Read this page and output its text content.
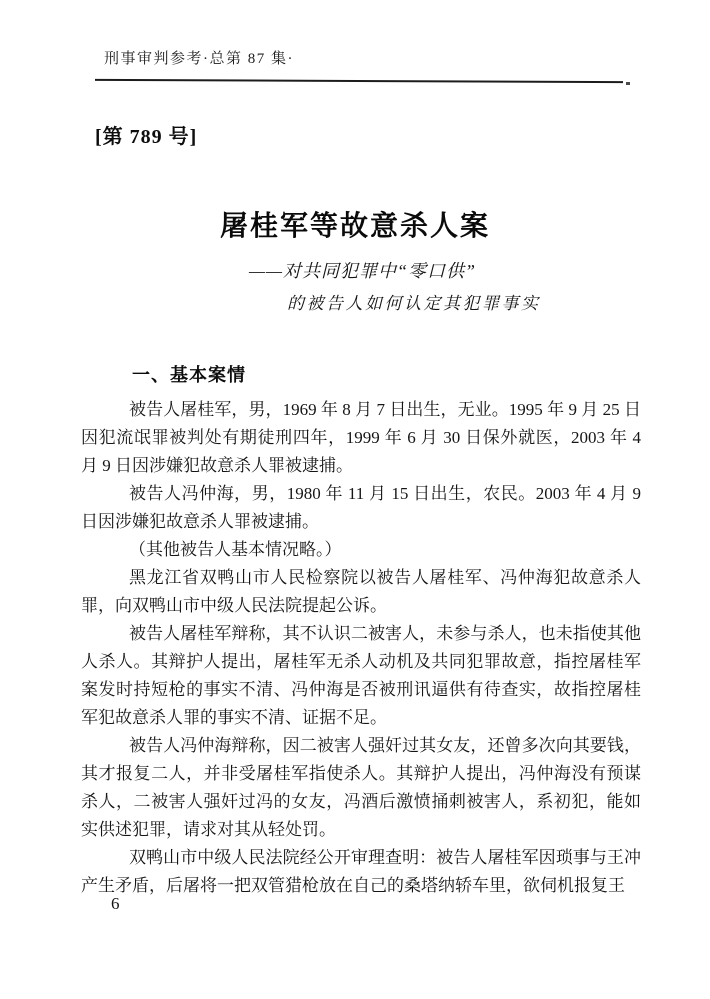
刑事审判参考·总第 87 集·
[第 789 号]
屠桂军等故意杀人案
——对共同犯罪中“零口供”
的被告人如何认定其犯罪事实
一、基本案情

被告人屠桂军，男，1969 年 8 月 7 日出生，无业。1995 年 9 月 25 日因犯流氓罪被判处有期徒刑四年，1999 年 6 月 30 日保外就医，2003 年 4 月 9 日因涉嫌犯故意杀人罪被逮捕。

被告人冯仲海，男，1980 年 11 月 15 日出生，农民。2003 年 4 月 9 日因涉嫌犯故意杀人罪被逮捕。

（其他被告人基本情况略。）

黑龙江省双鸭山市人民检察院以被告人屠桂军、冯仲海犯故意杀人罪，向双鸭山市中级人民法院提起公诉。

被告人屠桂军辩称，其不认识二被害人，未参与杀人，也未指使其他人杀人。其辩护人提出，屠桂军无杀人动机及共同犯罪故意，指控屠桂军案发时持短枪的事实不清、冯仲海是否被刑讯逼供有待查实，故指控屠桂军犯故意杀人罪的事实不清、证据不足。

被告人冯仲海辩称，因二被害人强奸过其女友，还曾多次向其要钱，其才报复二人，并非受屠桂军指使杀人。其辩护人提出，冯仲海没有预谋杀人，二被害人强奸过冯的女友，冯酒后激愤捅刺被害人，系初犯，能如实供述犯罪，请求对其从轻处罚。

双鸭山市中级人民法院经公开审理查明：被告人屠桂军因琐事与王冲产生矛盾，后屠将一把双管猎枪放在自己的桑塔纳轿车里，欲伺机报复王

6
